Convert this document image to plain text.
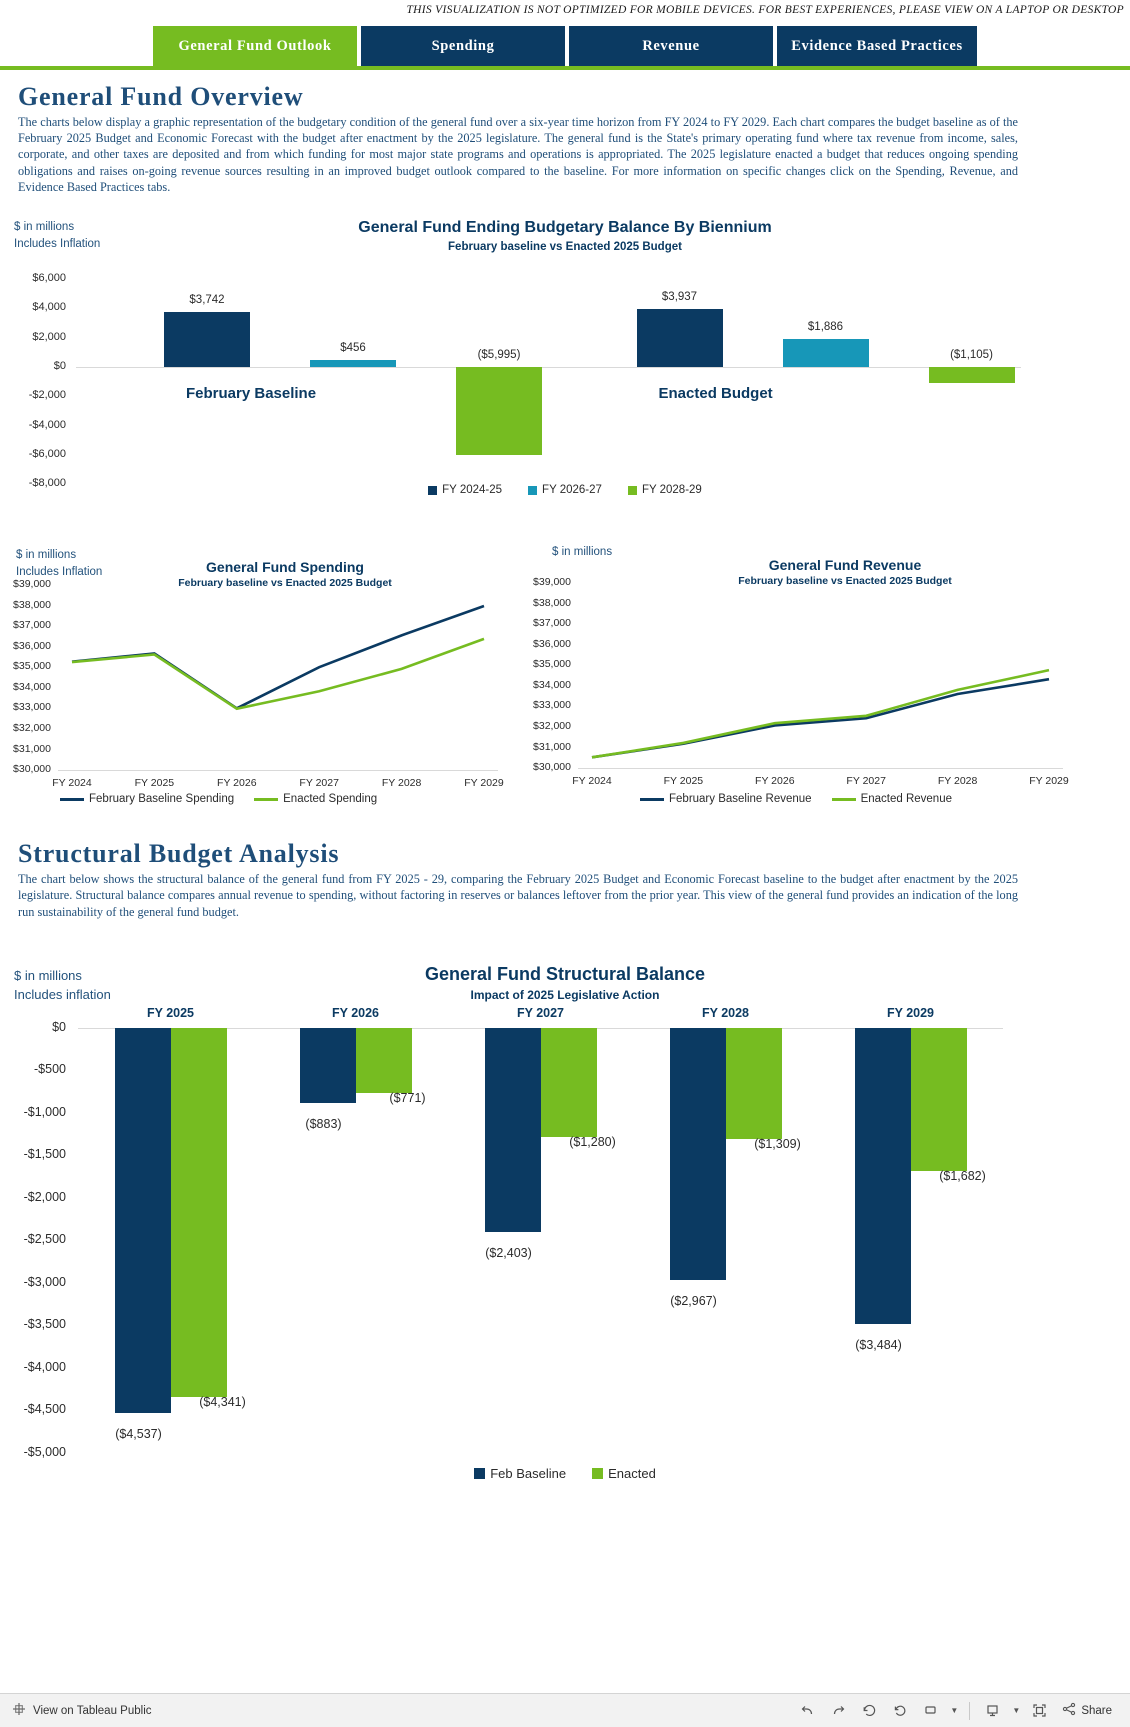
THIS VISUALIZATION IS NOT OPTIMIZED FOR MOBILE DEVICES. FOR BEST EXPERIENCES, PLEASE VIEW ON A LAPTOP OR DESKTOP
General Fund Outlook	Spending	Revenue	Evidence Based Practices
General Fund Overview

The charts below display a graphic representation of the budgetary condition of the general fund over a six-year time horizon from FY 2024 to FY 2029. Each chart compares the budget baseline as of the February 2025 Budget and Economic Forecast with the budget after enactment by the 2025 legislature. The general fund is the State's primary operating fund where tax revenue from income, sales, corporate, and other taxes are deposited and from which funding for most major state programs and operations is appropriated. The 2025 legislature enacted a budget that reduces ongoing spending obligations and raises on-going revenue sources resulting in an improved budget outlook compared to the baseline. For more information on specific changes click on the Spending, Revenue, and Evidence Based Practices tabs.

$ in millions
Includes Inflation
General Fund Ending Budgetary Balance By Biennium
February baseline vs Enacted 2025 Budget
$6,000
$4,000
$2,000
$0
-$2,000
-$4,000
-$6,000
-$8,000
$3,742
$456
($5,995)
February Baseline
$3,937
$1,886
($1,105)
Enacted Budget
FY 2024-25	FY 2026-27	FY 2028-29
$ in millions
Includes Inflation	General Fund Spending
February baseline vs Enacted 2025 Budget
$39,000
$38,000
$37,000
$36,000
$35,000
$34,000
$33,000
$32,000
$31,000
$30,000
FY 2024	FY 2025	FY 2026	FY 2027	FY 2028	FY 2029
February Baseline Spending	Enacted Spending
$ in millions
General Fund Revenue
February baseline vs Enacted 2025 Budget
$39,000
$38,000
$37,000
$36,000
$35,000
$34,000
$33,000
$32,000
$31,000
$30,000
FY 2024	FY 2025	FY 2026	FY 2027	FY 2028	FY 2029
February Baseline Revenue	Enacted Revenue
Structural Budget Analysis

The chart below shows the structural balance of the general fund from FY 2025 - 29, comparing the February 2025 Budget and Economic Forecast baseline to the budget after enactment by the 2025 legislature. Structural balance compares annual revenue to spending, without factoring in reserves or balances leftover from the prior year. This view of the general fund provides an indication of the long run sustainability of the general fund budget.

$ in millions
Includes inflation
General Fund Structural Balance
Impact of 2025 Legislative Action
$0
-$500
-$1,000
-$1,500
-$2,000
-$2,500
-$3,000
-$3,500
-$4,000
-$4,500
-$5,000
FY 2025
($4,537)
($4,341)
FY 2026
($883)
($771)
FY 2027
($2,403)
($1,280)
FY 2028
($2,967)
($1,309)
FY 2029
($3,484)
($1,682)
Feb Baseline	Enacted
View on Tableau Public	▼	▼	Share
